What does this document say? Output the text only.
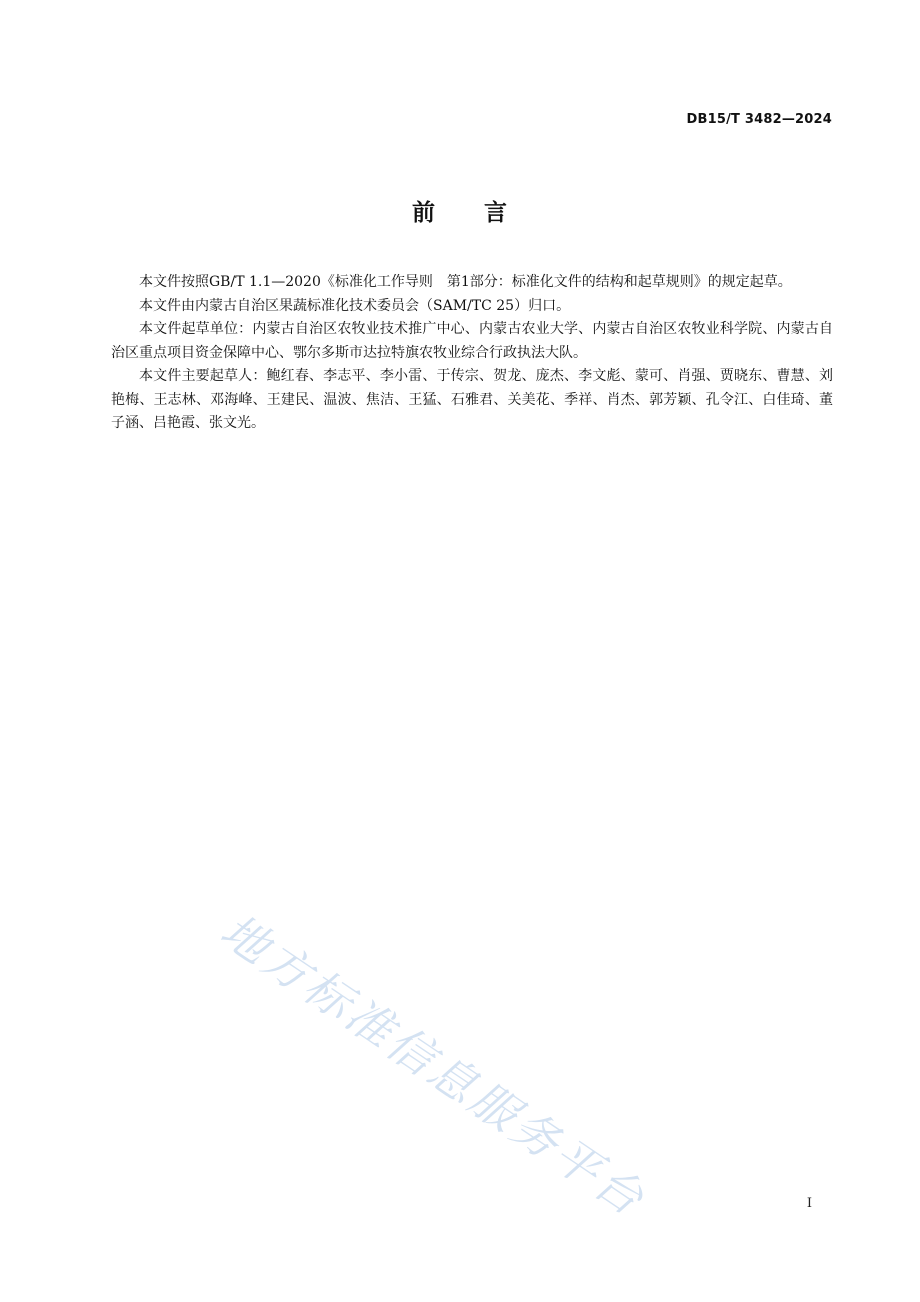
DB15/T 3482—2024
前　　言

本文件按照GB/T 1.1—2020《标准化工作导则　第1部分：标准化文件的结构和起草规则》的规定起草。

本文件由内蒙古自治区果蔬标准化技术委员会（SAM/TC 25）归口。

本文件起草单位：内蒙古自治区农牧业技术推广中心、内蒙古农业大学、内蒙古自治区农牧业科学院、内蒙古自治区重点项目资金保障中心、鄂尔多斯市达拉特旗农牧业综合行政执法大队。

本文件主要起草人：鲍红春、李志平、李小雷、于传宗、贺龙、庞杰、李文彪、蒙可、肖强、贾晓东、曹慧、刘艳梅、王志林、邓海峰、王建民、温波、焦洁、王猛、石雅君、关美花、季祥、肖杰、郭芳颖、孔令江、白佳琦、董子涵、吕艳霞、张文光。

地方标准信息服务平台	I
